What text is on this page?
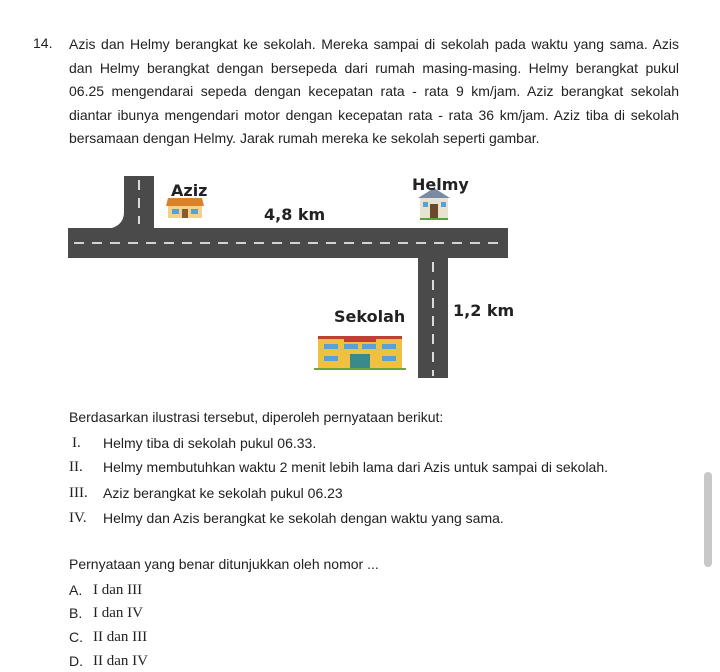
14. Azis dan Helmy berangkat ke sekolah. Mereka sampai di sekolah pada waktu yang sama. Azis dan Helmy berangkat dengan bersepeda dari rumah masing-masing. Helmy berangkat pukul 06.25 mengendarai sepeda dengan kecepatan rata - rata 9 km/jam. Aziz berangkat sekolah diantar ibunya mengendari motor dengan kecepatan rata - rata 36 km/jam. Aziz tiba di sekolah bersamaan dengan Helmy. Jarak rumah mereka ke sekolah seperti gambar.

Aziz	Helmy
4,8 km
1,2 km
Sekolah
Berdasarkan ilustrasi tersebut, diperoleh pernyataan berikut:
I.	Helmy tiba di sekolah pukul 06.33.
II.	Helmy membutuhkan waktu 2 menit lebih lama dari Azis untuk sampai di sekolah.
III.	Aziz berangkat ke sekolah pukul 06.23
IV.	Helmy dan Azis berangkat ke sekolah dengan waktu yang sama.
Pernyataan yang benar ditunjukkan oleh nomor ...
A. I dan III
B. I dan IV
C. II dan III
D. II dan IV
